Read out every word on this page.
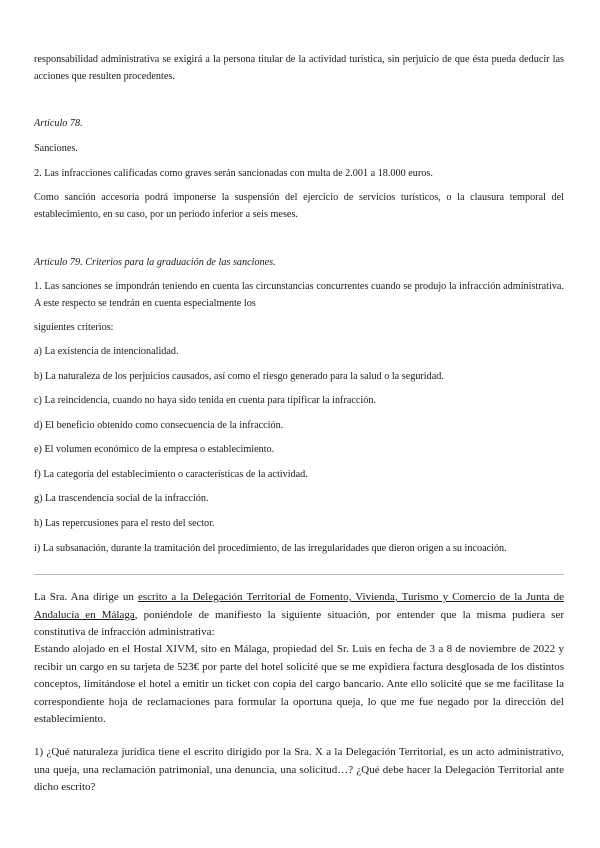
responsabilidad administrativa se exigirá a la persona titular de la actividad turística, sin perjuicio de que ésta pueda deducir las acciones que resulten procedentes.

Artículo 78.

Sanciones.

2. Las infracciones calificadas como graves serán sancionadas con multa de 2.001 a 18.000 euros.

Como sanción accesoria podrá imponerse la suspensión del ejercicio de servicios turísticos, o la clausura temporal del establecimiento, en su caso, por un periodo inferior a seis meses.

Artículo 79. Criterios para la graduación de las sanciones.

1. Las sanciones se impondrán teniendo en cuenta las circunstancias concurrentes cuando se produjo la infracción administrativa. A este respecto se tendrán en cuenta especialmente los

siguientes criterios:

a) La existencia de intencionalidad.

b) La naturaleza de los perjuicios causados, así como el riesgo generado para la salud o la seguridad.

c) La reincidencia, cuando no haya sido tenida en cuenta para tipificar la infracción.

d) El beneficio obtenido como consecuencia de la infracción.

e) El volumen económico de la empresa o establecimiento.

f) La categoría del establecimiento o características de la actividad.

g) La trascendencia social de la infracción.

h) Las repercusiones para el resto del sector.

i) La subsanación, durante la tramitación del procedimiento, de las irregularidades que dieron origen a su incoación.

La Sra. Ana dirige un escrito a la Delegación Territorial de Fomento, Vivienda, Turismo y Comercio de la Junta de Andalucía en Málaga, poniéndole de manifiesto la siguiente situación, por entender que la misma pudiera ser constitutiva de infracción administrativa:

Estando alojado en el Hostal XIVM, sito en Málaga, propiedad del Sr. Luis en fecha de 3 a 8 de noviembre de 2022 y recibir un cargo en su tarjeta de 523€ por parte del hotel solicité que se me expidiera factura desglosada de los distintos conceptos, limitándose el hotel a emitir un ticket con copia del cargo bancario. Ante ello solicité que se me facilitase la correspondiente hoja de reclamaciones para formular la oportuna queja, lo que me fue negado por la dirección del establecimiento.

1) ¿Qué naturaleza jurídica tiene el escrito dirigido por la Sra. X a la Delegación Territorial, es un acto administrativo, una queja, una reclamación patrimonial, una denuncia, una solicitud…? ¿Qué debe hacer la Delegación Territorial ante dicho escrito?
